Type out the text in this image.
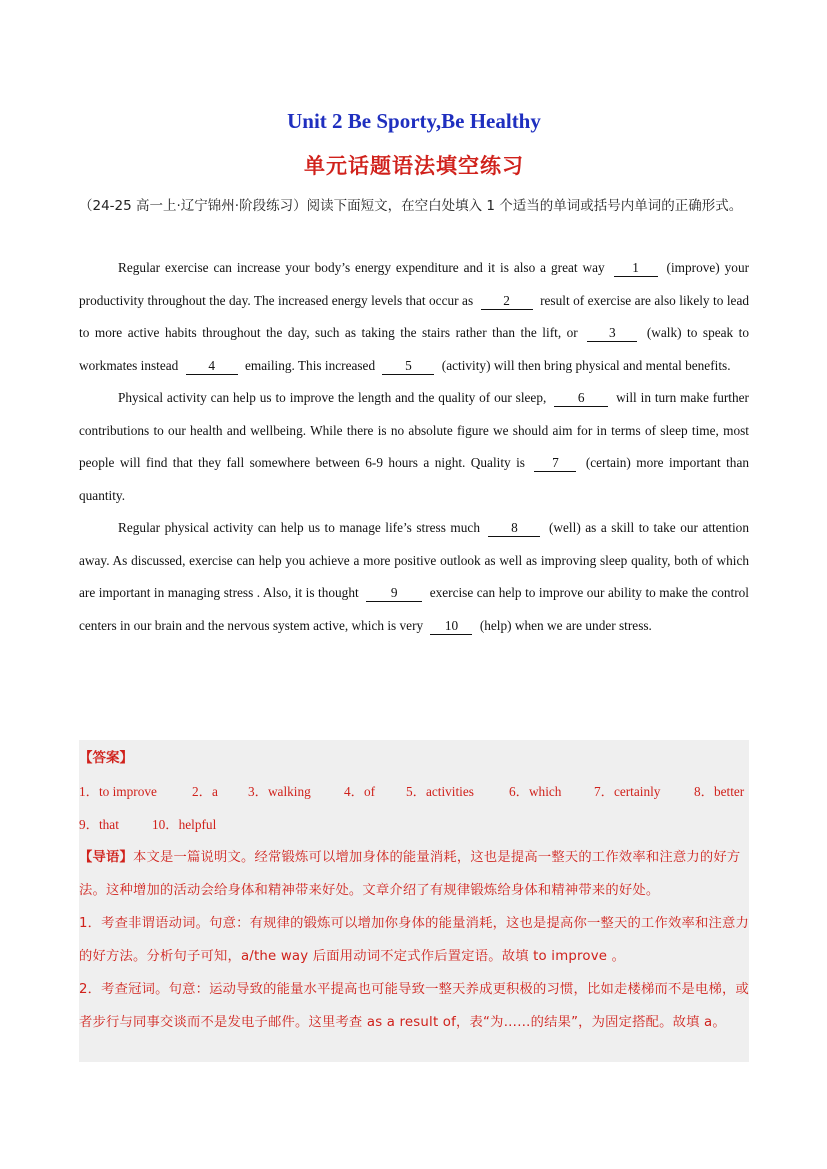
Unit 2 Be Sporty,Be Healthy
单元话题语法填空练习
（24-25 高一上·辽宁锦州·阶段练习）阅读下面短文，在空白处填入 1 个适当的单词或括号内单词的正确形式。

Regular exercise can increase your body’s energy expenditure and it is also a great way 1 (improve) your productivity throughout the day. The increased energy levels that occur as 2 result of exercise are also likely to lead to more active habits throughout the day, such as taking the stairs rather than the lift, or 3 (walk) to speak to workmates instead 4 emailing. This increased 5 (activity) will then bring physical and mental benefits.

Physical activity can help us to improve the length and the quality of our sleep, 6 will in turn make further contributions to our health and wellbeing. While there is no absolute figure we should aim for in terms of sleep time, most people will find that they fall somewhere between 6-9 hours a night. Quality is 7 (certain) more important than quantity.

Regular physical activity can help us to manage life’s stress much 8 (well) as a skill to take our attention away. As discussed, exercise can help you achieve a more positive outlook as well as improving sleep quality, both of which are important in managing stress . Also, it is thought 9 exercise can help to improve our ability to make the control centers in our brain and the nervous system active, which is very 10 (help) when we are under stress.

【答案】
1．to improve	2．a	3．walking	4．of	5．activities	6．which	7．certainly	8．better
9．that	10．helpful
【导语】本文是一篇说明文。经常锻炼可以增加身体的能量消耗，这也是提高一整天的工作效率和注意力的好方法。这种增加的活动会给身体和精神带来好处。文章介绍了有规律锻炼给身体和精神带来的好处。
1．考查非谓语动词。句意：有规律的锻炼可以增加你身体的能量消耗，这也是提高你一整天的工作效率和注意力的好方法。分析句子可知，a/the way 后面用动词不定式作后置定语。故填 to improve 。
2．考查冠词。句意：运动导致的能量水平提高也可能导致一整天养成更积极的习惯，比如走楼梯而不是电梯，或者步行与同事交谈而不是发电子邮件。这里考查 as a result of，表“为……的结果”，为固定搭配。故填 a。
